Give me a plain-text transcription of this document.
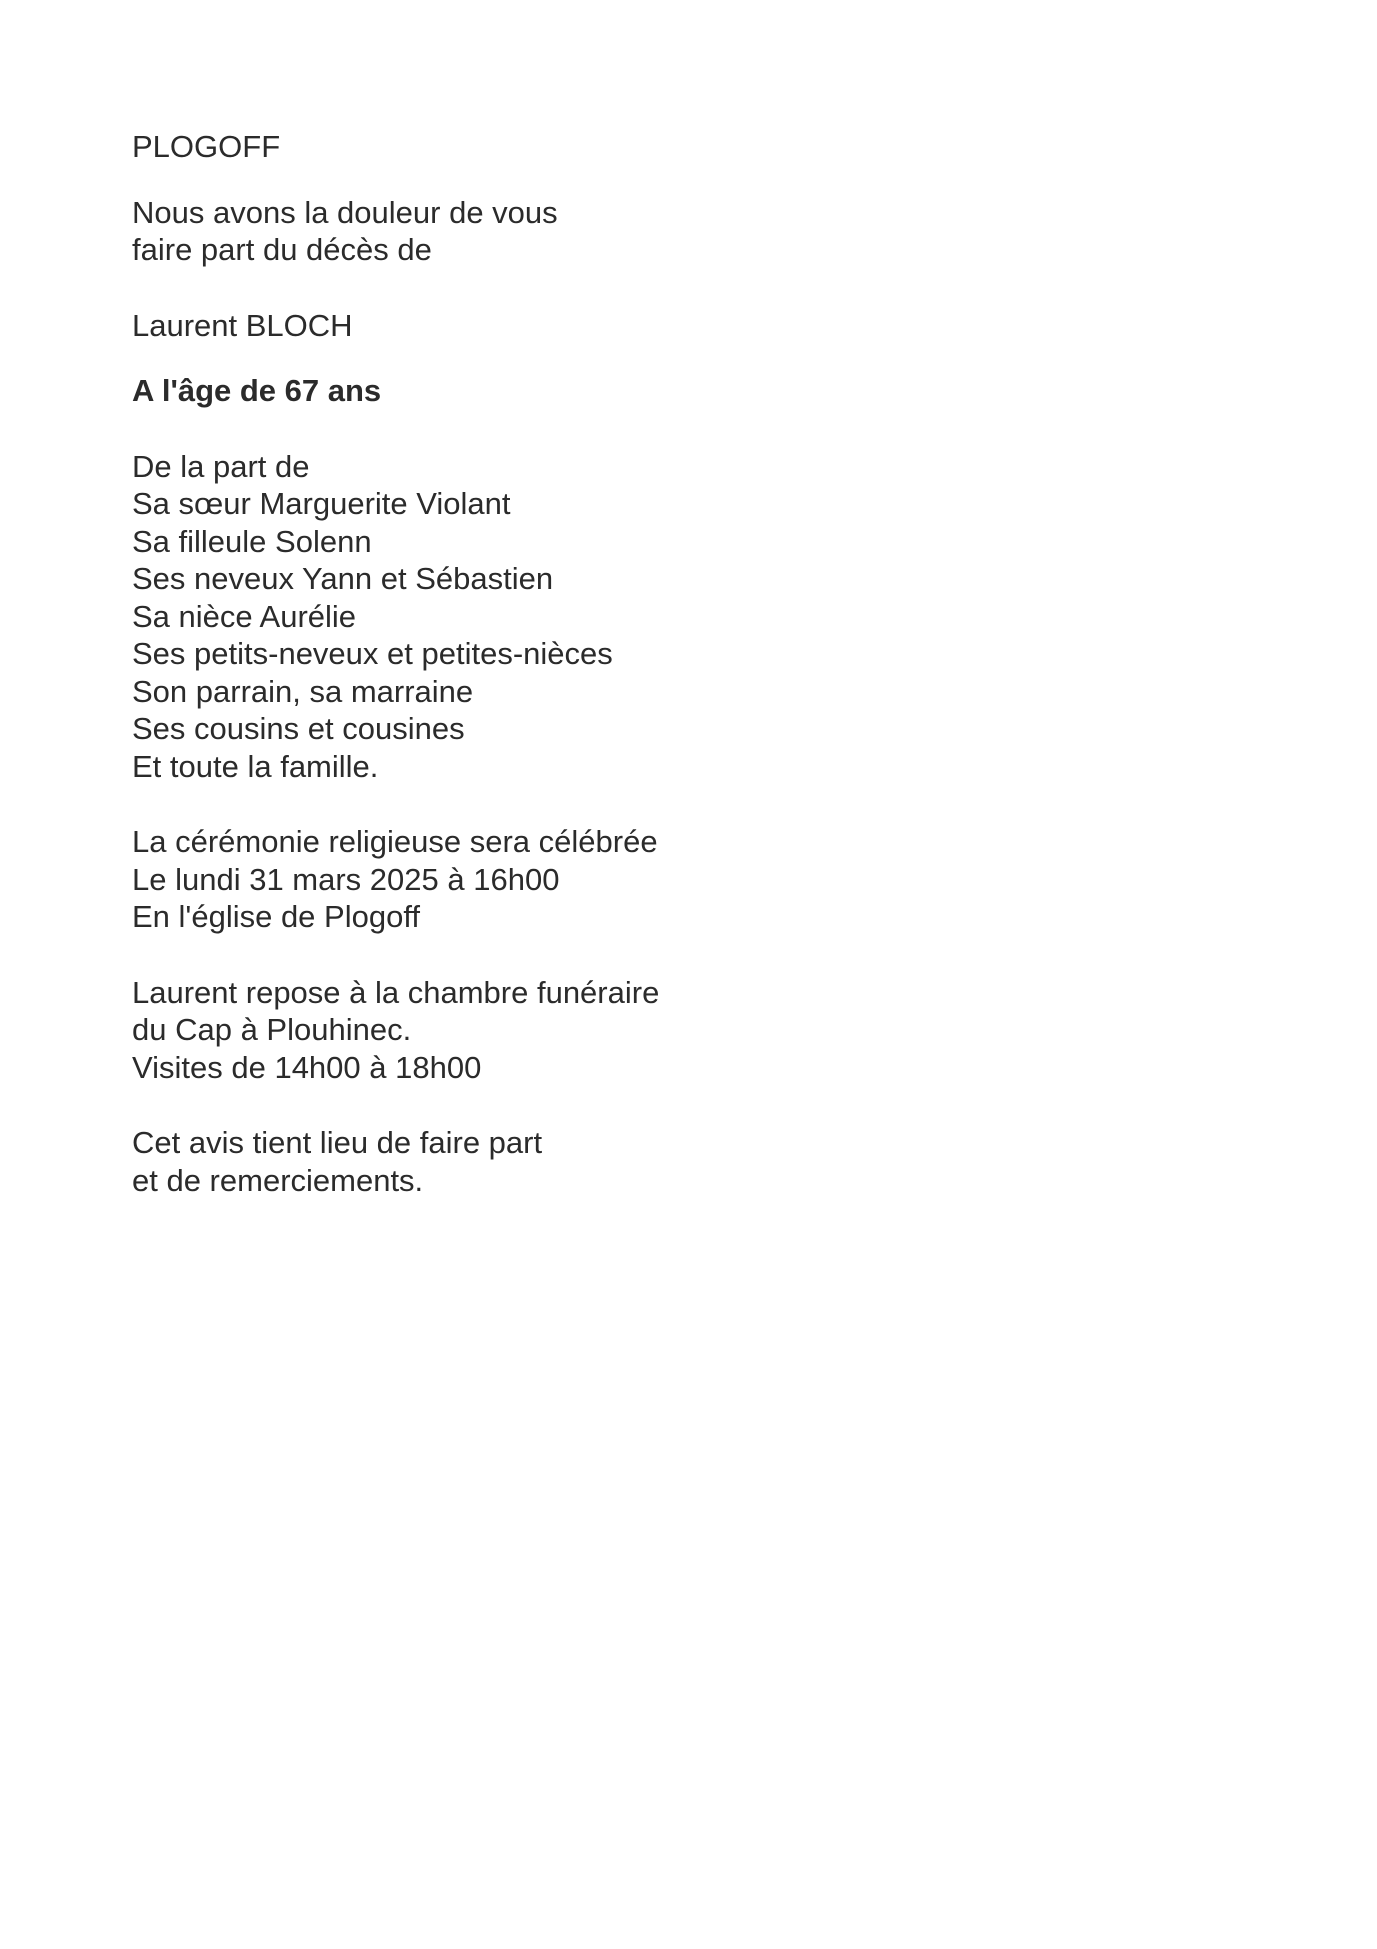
PLOGOFF
Nous avons la douleur de vous
faire part du décès de
Laurent BLOCH
A l'âge de 67 ans
De la part de
Sa sœur Marguerite Violant
Sa filleule Solenn
Ses neveux Yann et Sébastien
Sa nièce Aurélie
Ses petits-neveux et petites-nièces
Son parrain, sa marraine
Ses cousins et cousines
Et toute la famille.
La cérémonie religieuse sera célébrée
Le lundi 31 mars 2025 à 16h00
En l'église de Plogoff
Laurent repose à la chambre funéraire
du Cap à Plouhinec.
Visites de 14h00 à 18h00
Cet avis tient lieu de faire part
et de remerciements.
